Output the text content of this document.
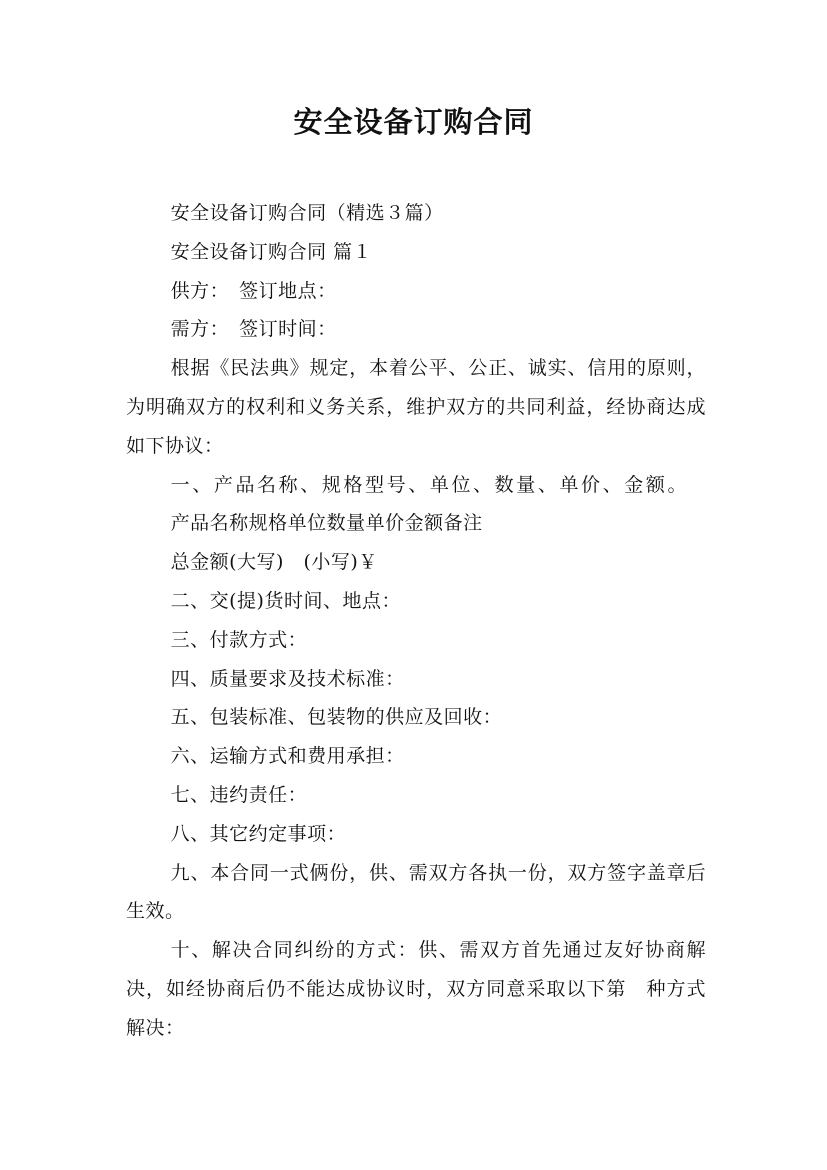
安全设备订购合同

安全设备订购合同（精选３篇）

安全设备订购合同 篇１

供方：　签订地点：

需方：　签订时间：

根据《民法典》规定，本着公平、公正、诚实、信用的原则，为明确双方的权利和义务关系，维护双方的共同利益，经协商达成如下协议：

一、产品名称、规格型号、单位、数量、单价、金额。

产品名称规格单位数量单价金额备注

总金额(大写)　(小写)￥

二、交(提)货时间、地点：

三、付款方式：

四、质量要求及技术标准：

五、包装标准、包装物的供应及回收：

六、运输方式和费用承担：

七、违约责任：

八、其它约定事项：

九、本合同一式俩份，供、需双方各执一份，双方签字盖章后生效。

十、解决合同纠纷的方式：供、需双方首先通过友好协商解决，如经协商后仍不能达成协议时，双方同意采取以下第　种方式解决：
